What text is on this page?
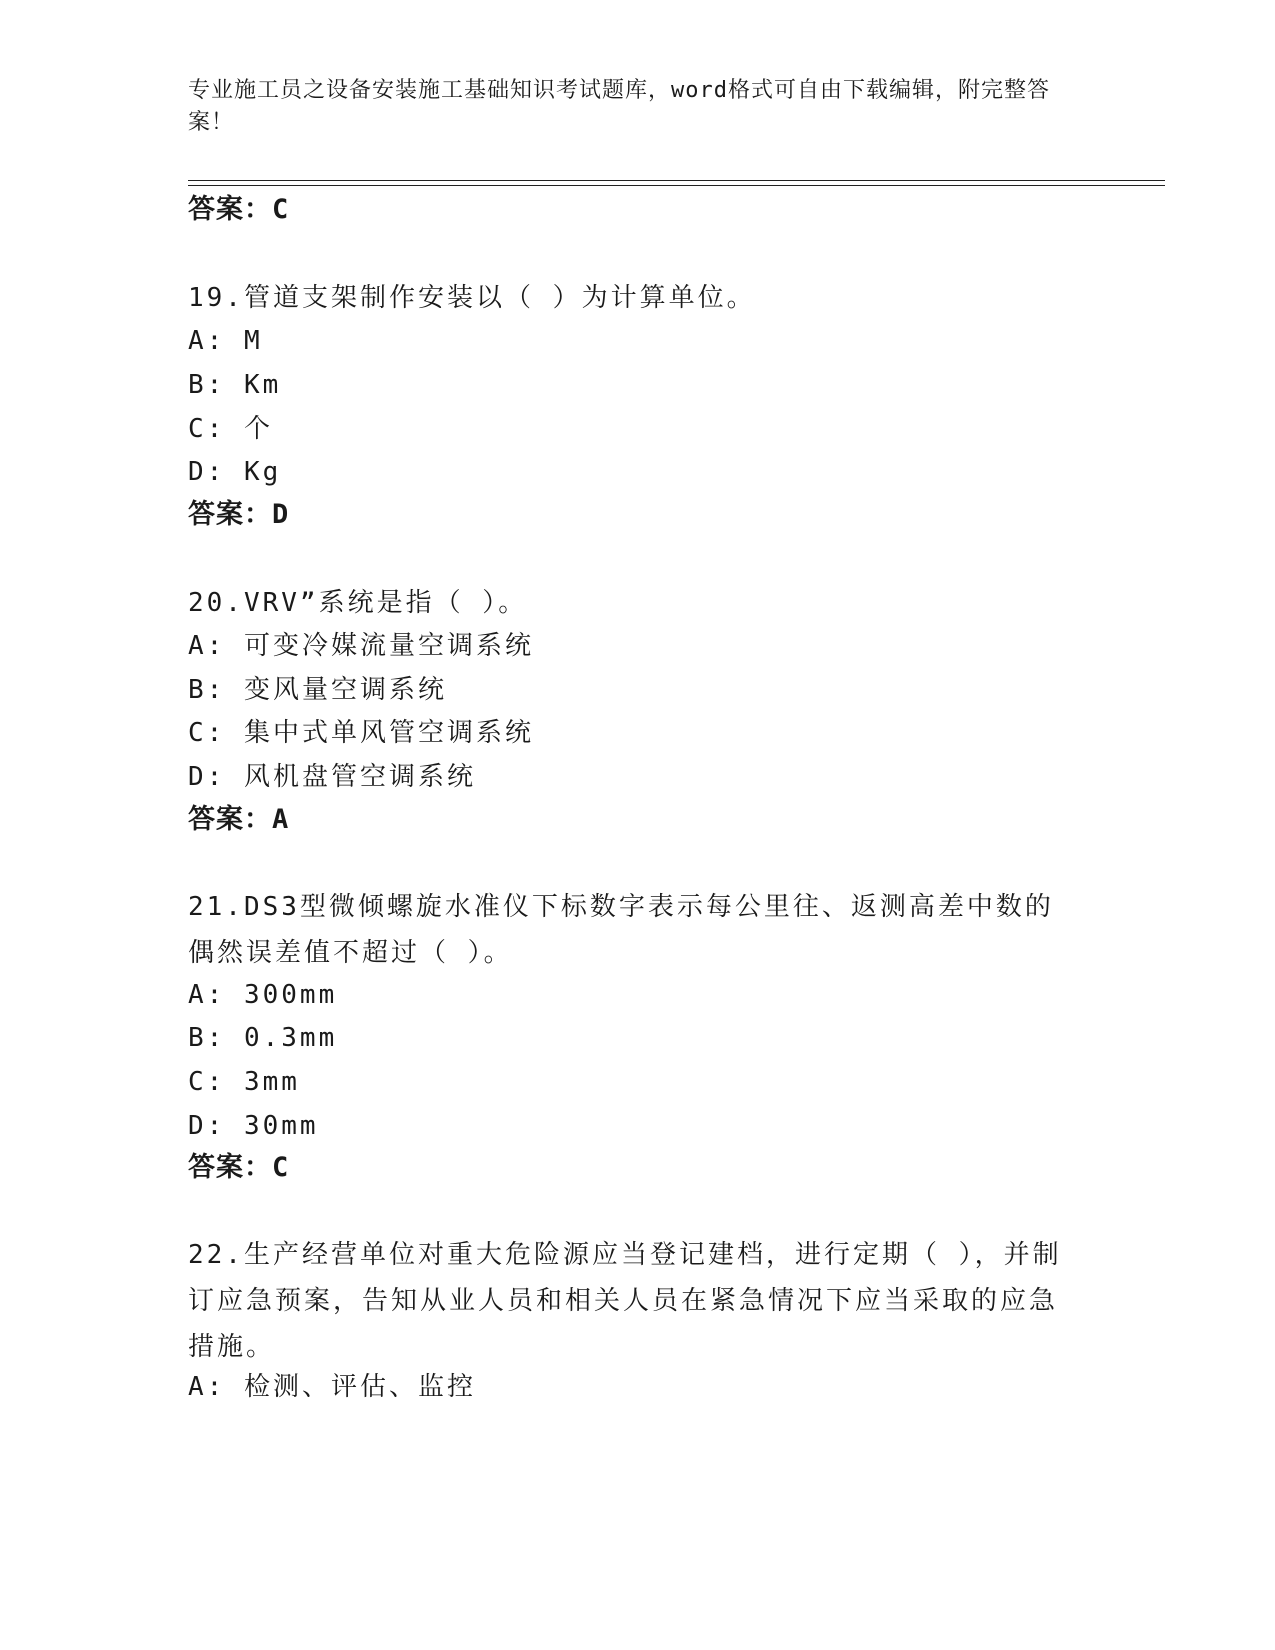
专业施工员之设备安装施工基础知识考试题库，word格式可自由下载编辑，附完整答案！
答案：C
19.管道支架制作安装以（ ）为计算单位。
A: M
B: Km
C: 个
D: Kg
答案：D
20.VRV”系统是指（ ）。
A: 可变冷媒流量空调系统
B: 变风量空调系统
C: 集中式单风管空调系统
D: 风机盘管空调系统
答案：A
21.DS3型微倾螺旋水准仪下标数字表示每公里往、返测高差中数的偶然误差值不超过（ ）。
A: 300mm
B: 0.3mm
C: 3mm
D: 30mm
答案：C
22.生产经营单位对重大危险源应当登记建档，进行定期（ ），并制订应急预案，告知从业人员和相关人员在紧急情况下应当采取的应急措施。
A: 检测、评估、监控
